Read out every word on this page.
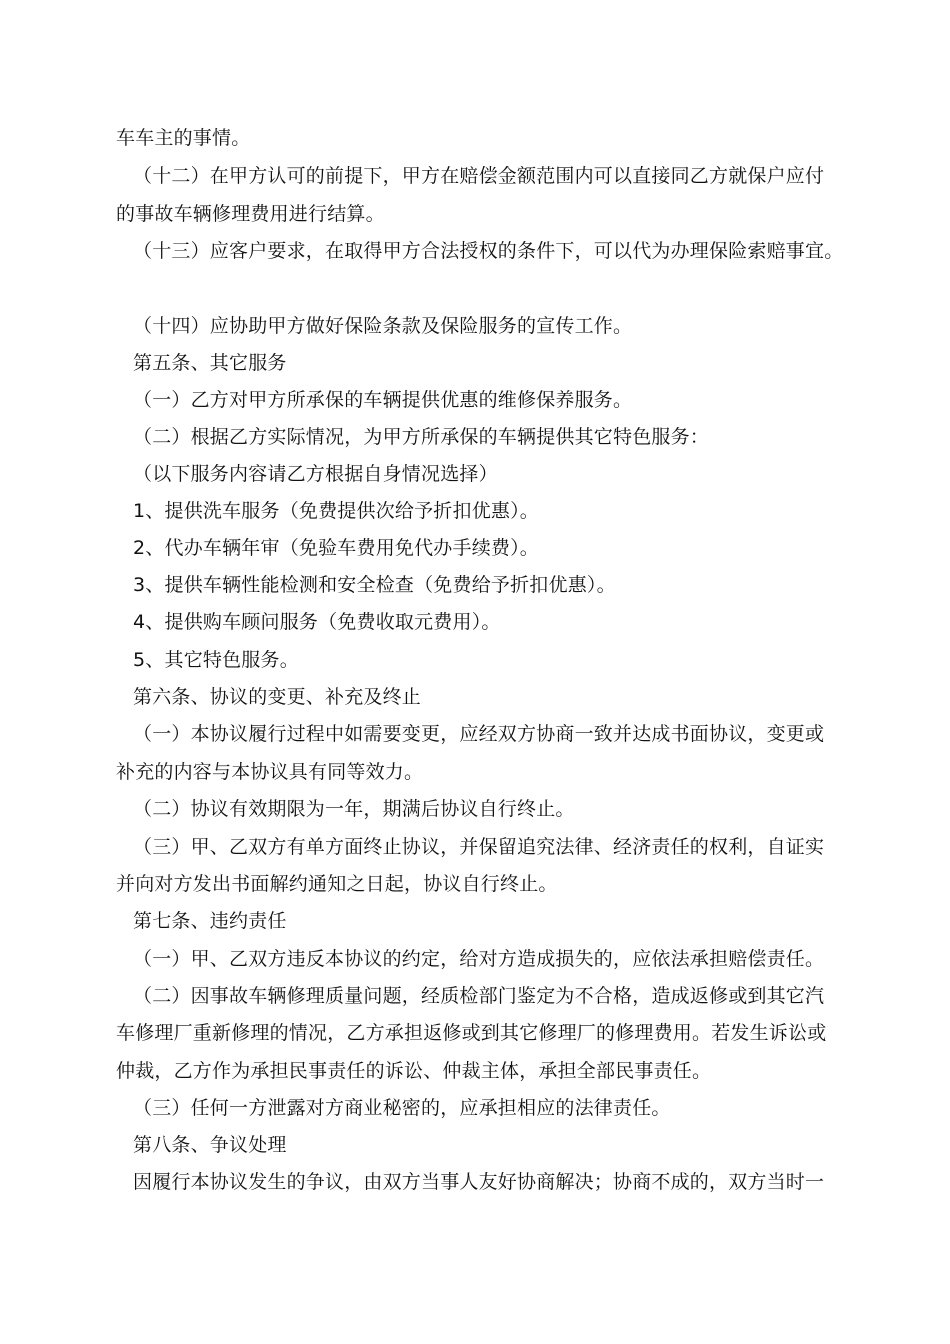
车车主的事情。
（十二）在甲方认可的前提下，甲方在赔偿金额范围内可以直接同乙方就保户应付
的事故车辆修理费用进行结算。
（十三）应客户要求，在取得甲方合法授权的条件下，可以代为办理保险索赔事宜。
（十四）应协助甲方做好保险条款及保险服务的宣传工作。
第五条、其它服务
（一）乙方对甲方所承保的车辆提供优惠的维修保养服务。
（二）根据乙方实际情况，为甲方所承保的车辆提供其它特色服务：
（以下服务内容请乙方根据自身情况选择）
1、提供洗车服务（免费提供次给予折扣优惠）。
2、代办车辆年审（免验车费用免代办手续费）。
3、提供车辆性能检测和安全检查（免费给予折扣优惠）。
4、提供购车顾问服务（免费收取元费用）。
5、其它特色服务。
第六条、协议的变更、补充及终止
（一）本协议履行过程中如需要变更，应经双方协商一致并达成书面协议，变更或
补充的内容与本协议具有同等效力。
（二）协议有效期限为一年，期满后协议自行终止。
（三）甲、乙双方有单方面终止协议，并保留追究法律、经济责任的权利，自证实
并向对方发出书面解约通知之日起，协议自行终止。
第七条、违约责任
（一）甲、乙双方违反本协议的约定，给对方造成损失的，应依法承担赔偿责任。
（二）因事故车辆修理质量问题，经质检部门鉴定为不合格，造成返修或到其它汽
车修理厂重新修理的情况，乙方承担返修或到其它修理厂的修理费用。若发生诉讼或
仲裁，乙方作为承担民事责任的诉讼、仲裁主体，承担全部民事责任。
（三）任何一方泄露对方商业秘密的，应承担相应的法律责任。
第八条、争议处理
因履行本协议发生的争议，由双方当事人友好协商解决；协商不成的，双方当时一
